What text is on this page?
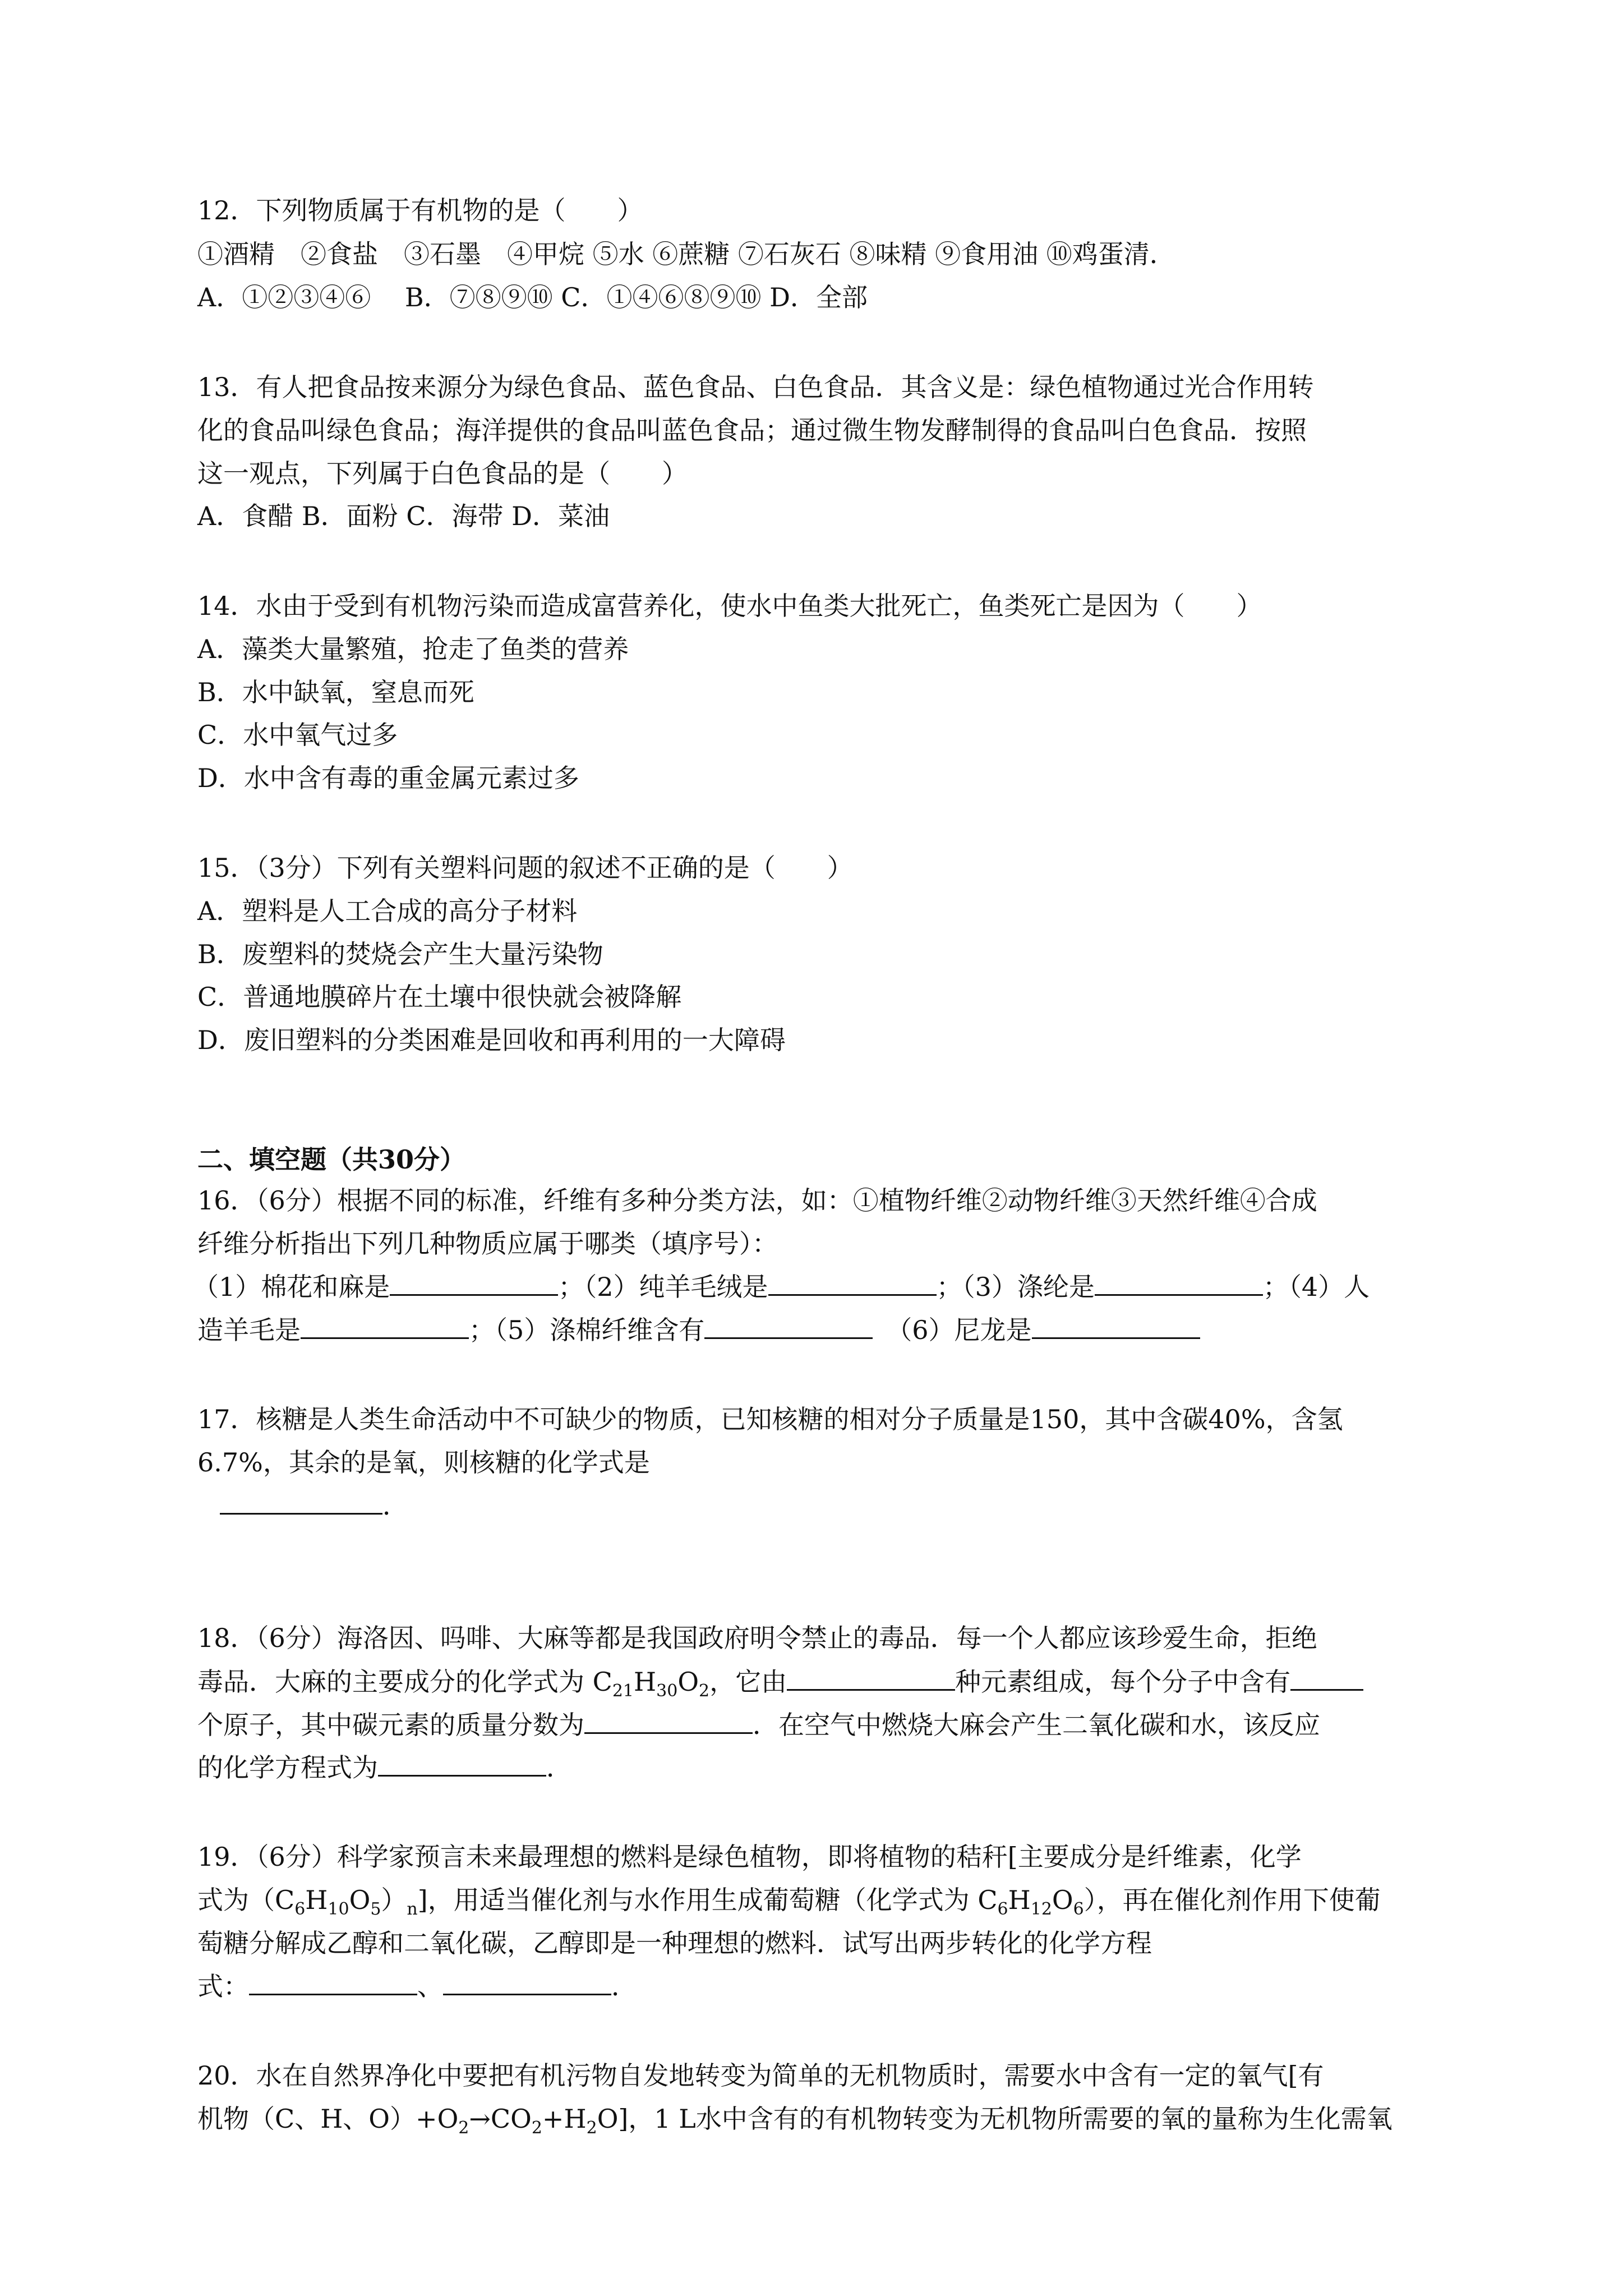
12．下列物质属于有机物的是（　　）
①酒精　②食盐　③石墨　④甲烷 ⑤水 ⑥蔗糖 ⑦石灰石 ⑧味精 ⑨食用油 ⑩鸡蛋清．
A．①②③④⑥　 B．⑦⑧⑨⑩ C．①④⑥⑧⑨⑩ D．全部
13．有人把食品按来源分为绿色食品、蓝色食品、白色食品．其含义是：绿色植物通过光合作用转
化的食品叫绿色食品；海洋提供的食品叫蓝色食品；通过微生物发酵制得的食品叫白色食品．按照
这一观点，下列属于白色食品的是（　　）
A．食醋 B．面粉 C．海带 D．菜油
14．水由于受到有机物污染而造成富营养化，使水中鱼类大批死亡，鱼类死亡是因为（　　）
A．藻类大量繁殖，抢走了鱼类的营养
B．水中缺氧，窒息而死
C．水中氧气过多
D．水中含有毒的重金属元素过多
15．（3分）下列有关塑料问题的叙述不正确的是（　　）
A．塑料是人工合成的高分子材料
B．废塑料的焚烧会产生大量污染物
C．普通地膜碎片在土壤中很快就会被降解
D．废旧塑料的分类困难是回收和再利用的一大障碍
二、填空题（共30分）
16．（6分）根据不同的标准，纤维有多种分类方法，如：①植物纤维②动物纤维③天然纤维④合成
纤维分析指出下列几种物质应属于哪类（填序号）：
（1）棉花和麻是	；（2）纯羊毛绒是	；（3）涤纶是	；（4）人
造羊毛是	；（5）涤棉纤维含有	（6）尼龙是
17．核糖是人类生命活动中不可缺少的物质，已知核糖的相对分子质量是150，其中含碳40%，含氢
6.7%，其余的是氧，则核糖的化学式是
．
18．（6分）海洛因、吗啡、大麻等都是我国政府明令禁止的毒品．每一个人都应该珍爱生命，拒绝
毒品．大麻的主要成分的化学式为 $C_{21}H_{30}O_2$，它由	种元素组成，每个分子中含有
个原子，其中碳元素的质量分数为	．在空气中燃烧大麻会产生二氧化碳和水，该反应
的化学方程式为	．
19．（6分）科学家预言未来最理想的燃料是绿色植物，即将植物的秸秆[主要成分是纤维素，化学
式为$(C_6H_{10}O_5)_n$]，用适当催化剂与水作用生成葡萄糖（化学式为 $C_6H_{12}O_6$），再在催化剂作用下使葡
萄糖分解成乙醇和二氧化碳，乙醇即是一种理想的燃料．试写出两步转化的化学方程
式：	、	．
20．水在自然界净化中要把有机污物自发地转变为简单的无机物质时，需要水中含有一定的氧气[有
机物（C、H、$O)+O_2\to CO_2+H_2O$]，1 L水中含有的有机物转变为无机物所需要的氧的量称为生化需氧
